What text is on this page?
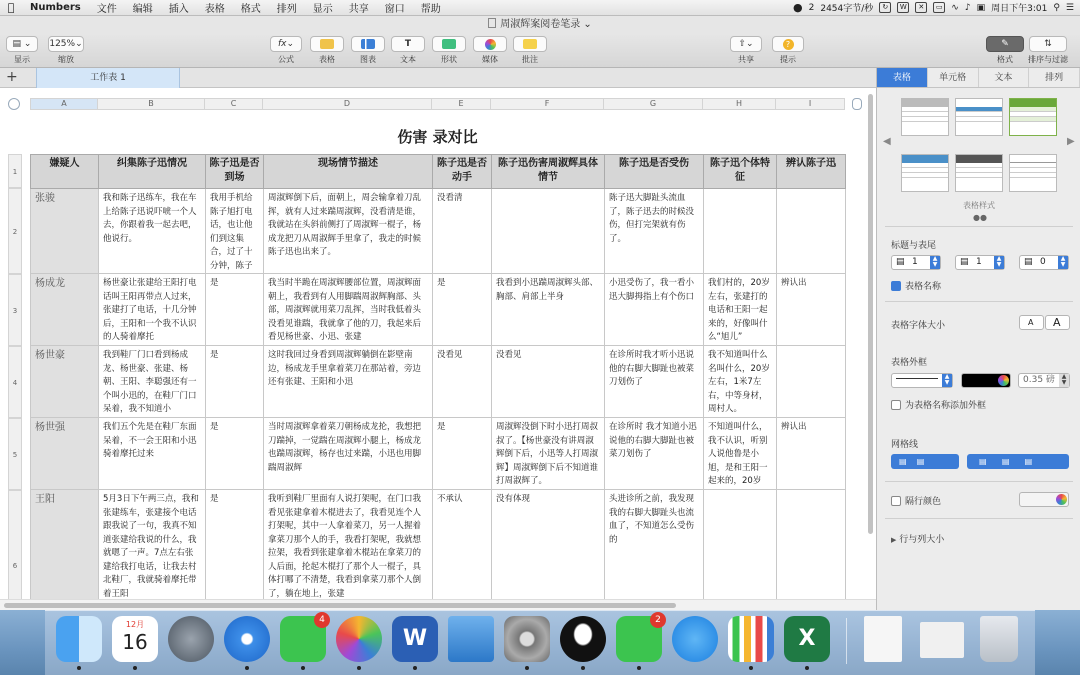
Numbers	文件	编辑	插入	表格	格式	排列	显示	共享	窗口	帮助	● 2 2454字节/秒	↻	W	✕	▭ ∿ ♪ ▣ 周日下午3:01 ⚲ ☰
周淑辉案阅卷笔录 ⌄
▤ ⌄
显示
125% ⌄
缩放
fx ⌄
公式	表格	图表
T
文本	形状	媒体	批注
⇧⌄
共享
?
提示
✎
格式
⇅
排序与过滤
+	工作表 1
A	B	C	D	E	F	G	H	I
1
2
3
4
5
6
伤害 录对比
嫌疑人	纠集陈子迅情况	陈子迅是否到场	现场情节描述	陈子迅是否动手	陈子迅伤害周淑辉具体情节	陈子迅是否受伤	陈子迅个体特征	辨认陈子迅

张骏	我和陈子迅练车，我在车上给陈子迅说吓唬一个人去，你跟着我一起去吧，他说行。	我用手机给陈子旭打电话，也让他们到这集合，过了十分钟，陈子	周淑辉倒下后，面朝上，周会输拿着刀乱挥，就有人过来踹周淑辉，没看清是谁，我就站在头斜前侧打了周淑辉一棍子，杨成龙把刀从周淑辉手里拿了，我走的时候陈子迅也出来了。	没看清		陈子迅大脚趾头流血了，陈子迅去的时候没伤，但打完架就有伤了。		

杨成龙	杨世豪让张建给王阳打电话叫王阳再带点人过来，张建打了电话，十几分钟后，王阳和一个我不认识的人骑着摩托	是	我当时半跪在周淑辉腰部位置，周淑辉面朝上，我看到有人用脚踹周淑辉胸部、头部，周淑辉就用菜刀乱挥，当时我低着头没看见谁踹，我就拿了他的刀，我起来后看见杨世豪、小迅、张建	是	我看到小迅踹周淑辉头部、胸部、肩部上半身	小迅受伤了，我一看小迅大脚拇指上有个伤口	我们村的，20岁左右，张建打的电话和王阳一起来的，好像叫什么“旭儿”	辨认出

杨世豪	我到鞋厂门口看到杨成龙、杨世豪、张建、杨朝、王阳、李聪强还有一个叫小迅的，在鞋厂门口呆着，我不知道小	是	这时我回过身看到周淑辉躺倒在影壁南边，杨成龙手里拿着菜刀在那站着，旁边还有张建、王阳和小迅	没看见	没看见	在诊所时我才听小迅说他的右脚大脚趾也被菜刀划伤了	我不知道叫什么名叫什么，20岁左右，1米7左右，中等身材，周村人。	

杨世强	我们五个先是在鞋厂东面呆着，不一会王阳和小迅骑着摩托过来	是	当时周淑辉拿着菜刀朝杨成龙抡，我想把刀踹掉，一觉踹在周淑辉小腿上，杨成龙也踹周淑辉，杨存也过来踹，小迅也用脚踹周淑辉	是	周淑辉没倒下时小迅打周叔叔了。【杨世豪没有讲周淑辉倒下后，小迅等人打周淑辉】周淑辉倒下后不知道谁打周淑辉了。	在诊所时 我才知道小迅说他的右脚大脚趾也被菜刀划伤了	不知道叫什么，我不认识，听别人说他鲁是小旭，是和王阳一起来的，20岁	辨认出

王阳	5月3日下午两三点，我和张建练车，张建接个电话跟我说了一句，我真不知道张建给我说的什么，我就嗯了一声。7点左右张建给我打电话，让我去村北鞋厂，我就骑着摩托带着王阳	是	我听到鞋厂里面有人说打架呢，在门口我看见张建拿着木棍进去了，我看见连个人打架呢，其中一人拿着菜刀，另一人握着拿菜刀那个人的手，我看打架呢，我就想拉架，我看到张建拿着木棍站在拿菜刀的人后面，抡起木棍打了那个人一棍子，具体打哪了不清楚，我看到拿菜刀那个人倒了，躺在地上，张建	不承认	没有体现	头进诊所之前，我发现我的右脚大脚趾头也流血了，不知道怎么受伤的		

表格	单元格	文本	排列
◀	▶
表格样式
●●
标题与表尾
▤ 1	▲
▼	▤ 1	▲
▼	▤ 0	▲
▼
表格名称
表格字体大小	A	A
表格外框
▲
▼	0.35 磅	▲
▼
为表格名称添加外框
网格线
▤    ▤	▤      ▤      ▤
隔行颜色
▶ 行与列大小
12月
16
4
W
2
X
